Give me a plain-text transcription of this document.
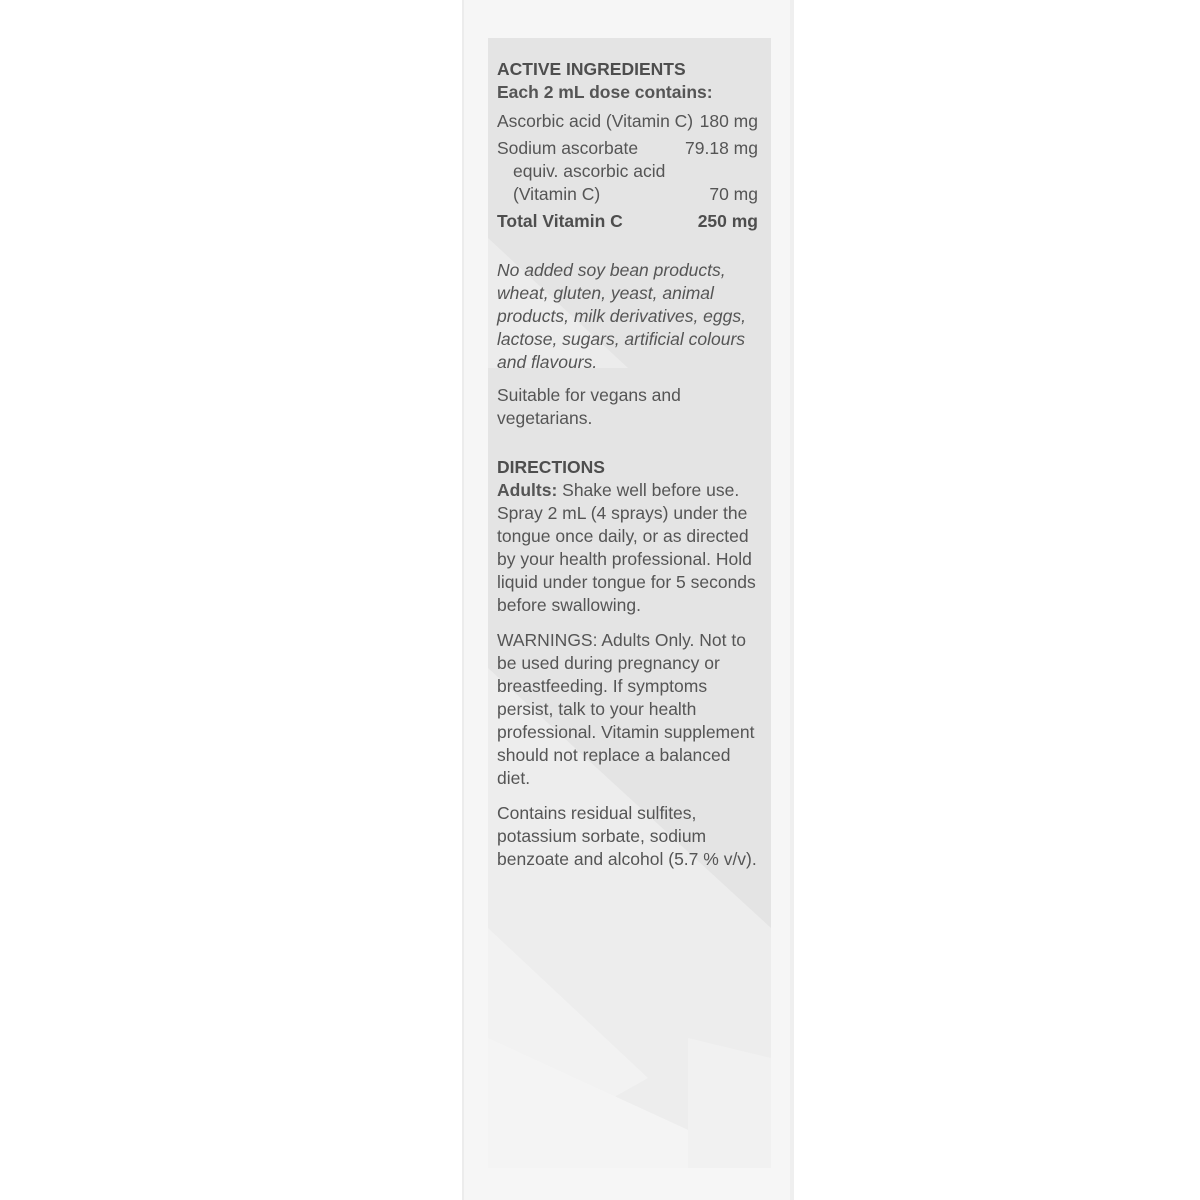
ACTIVE INGREDIENTS

Each 2 mL dose contains:

Ascorbic acid (Vitamin C) 180 mg
Sodium ascorbate	79.18 mg
equiv. ascorbic acid
(Vitamin C)	70 mg
Total Vitamin C	250 mg

No added soy bean products, wheat, gluten, yeast, animal products, milk derivatives, eggs, lactose, sugars, artificial colours and flavours.

Suitable for vegans and vegetarians.

DIRECTIONS

Adults: Shake well before use. Spray 2 mL (4 sprays) under the tongue once daily, or as directed by your health professional. Hold liquid under tongue for 5 seconds before swallowing.

WARNINGS: Adults Only. Not to be used during pregnancy or breastfeeding. If symptoms persist, talk to your health professional. Vitamin supplement should not replace a balanced diet.

Contains residual sulfites, potassium sorbate, sodium benzoate and alcohol (5.7 % v/v).
